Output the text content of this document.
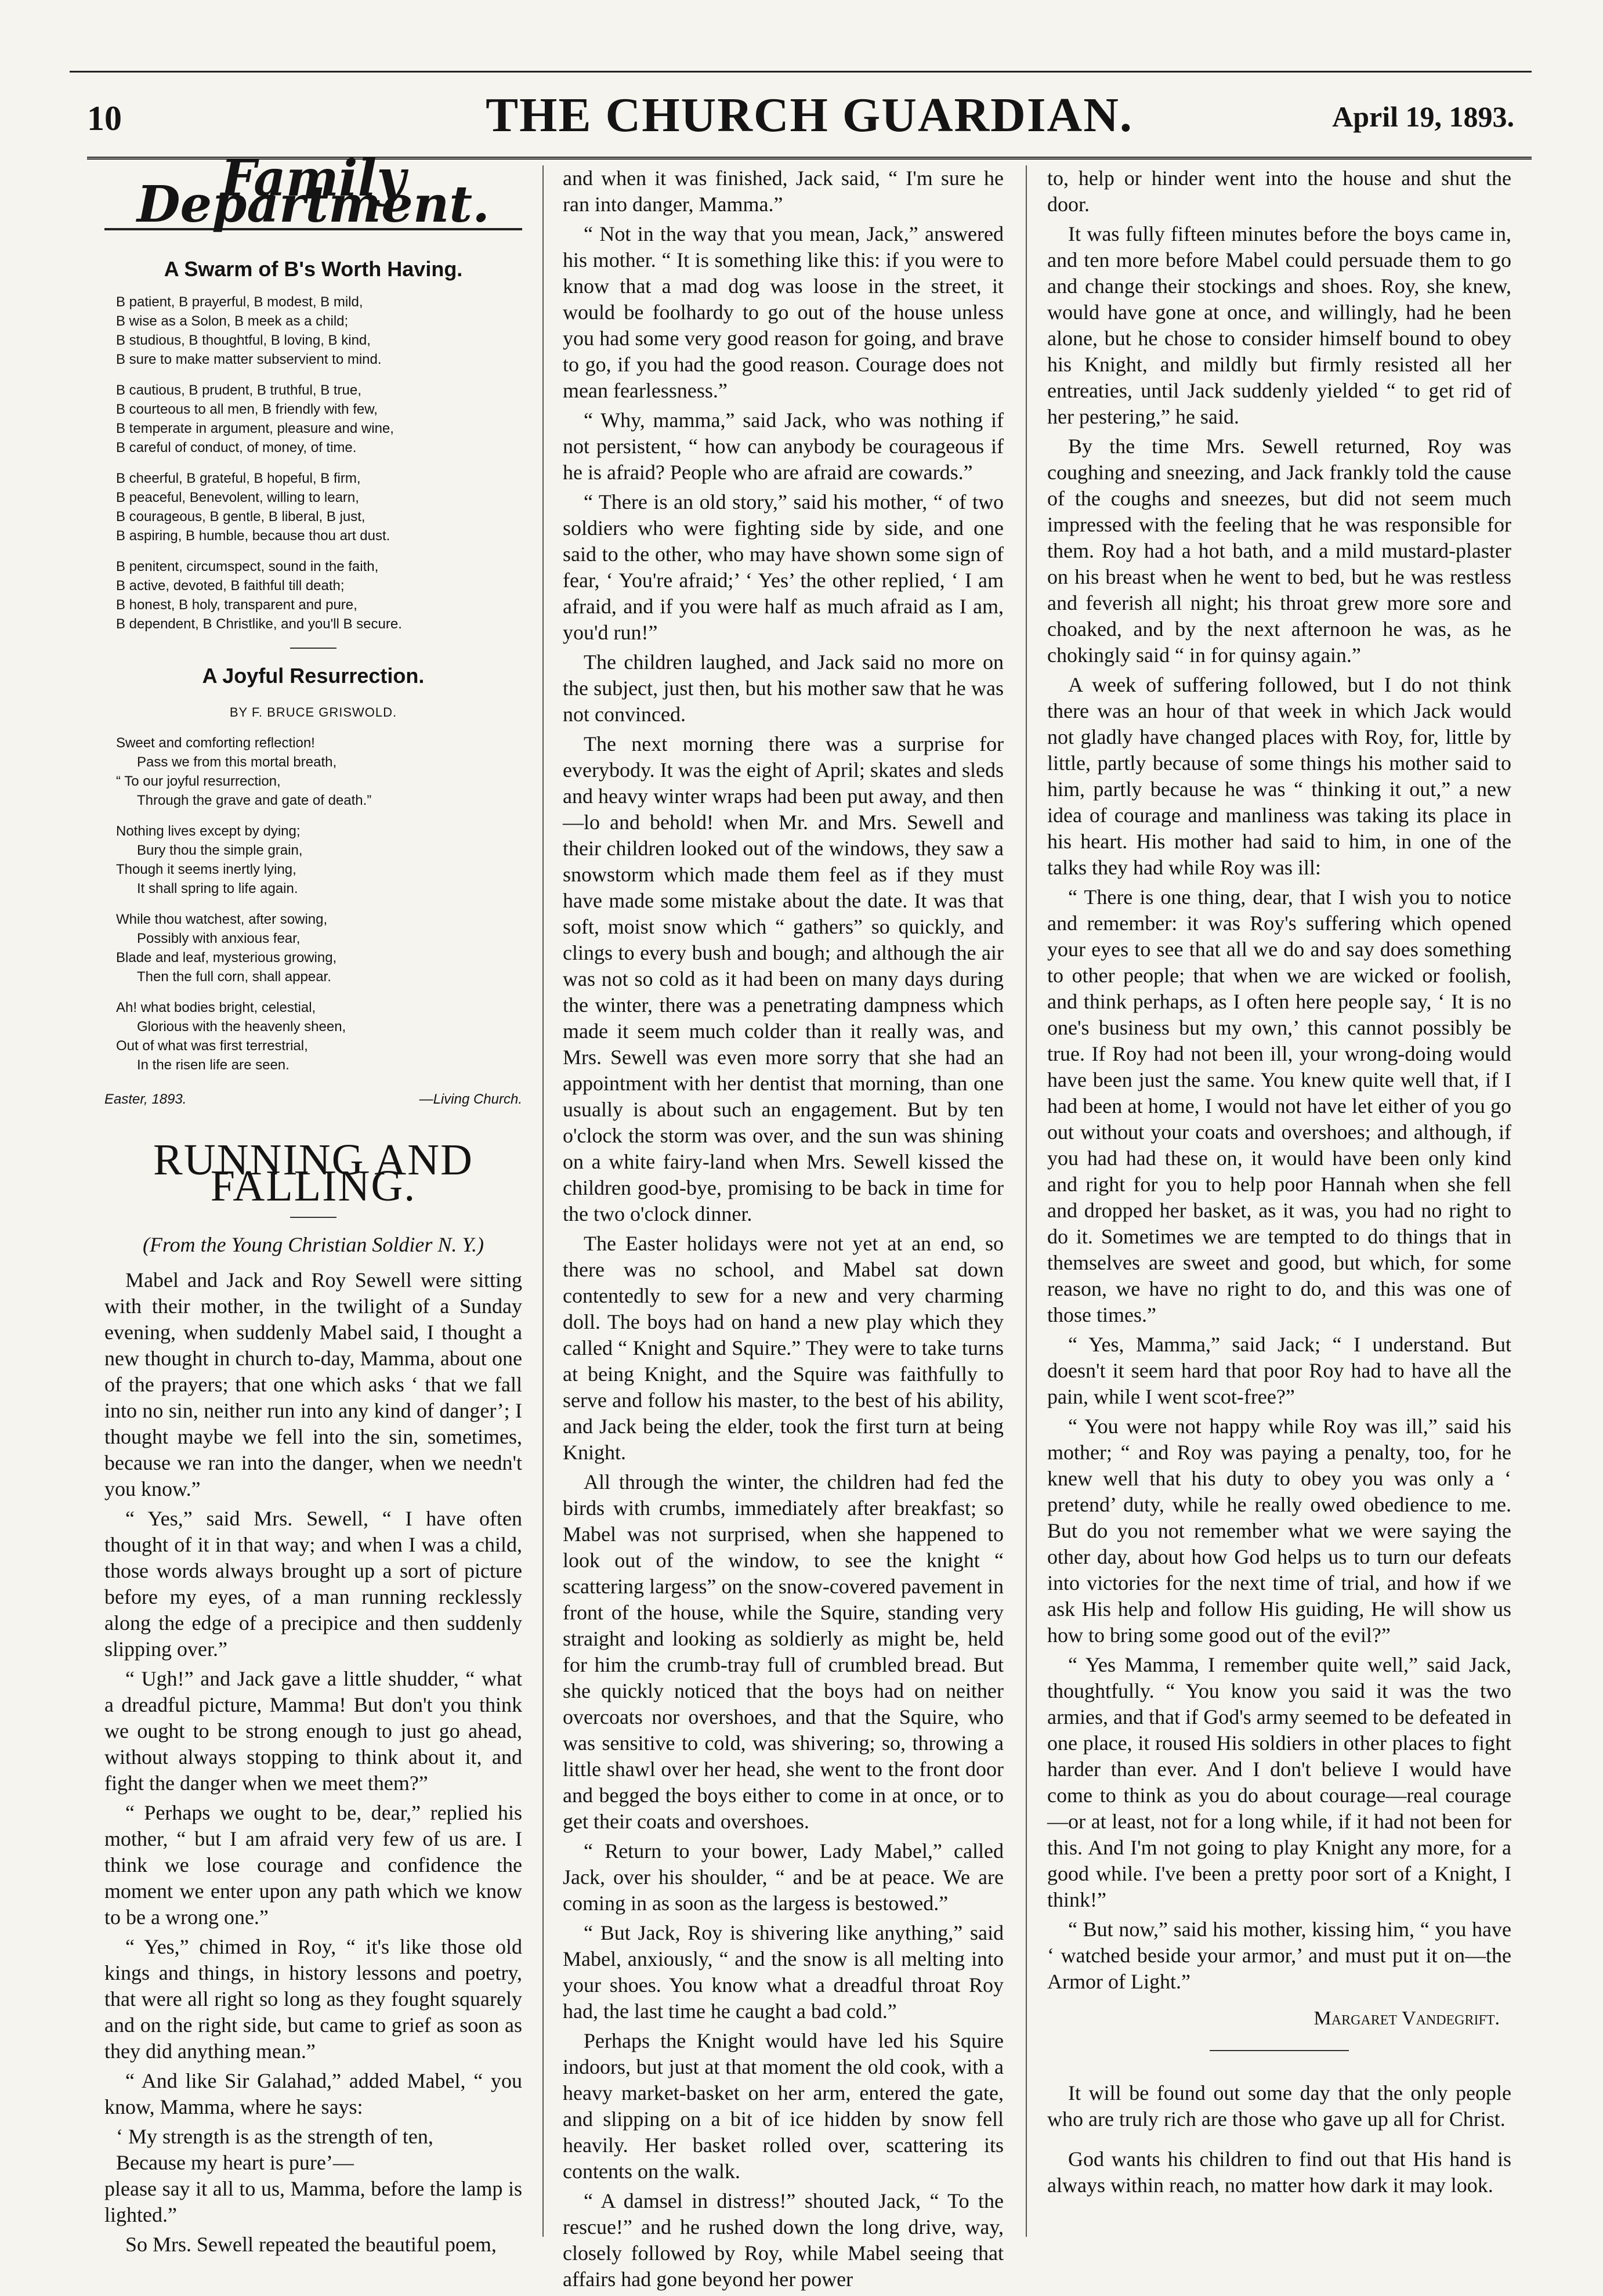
10	THE CHURCH GUARDIAN.	April 19, 1893.
Family Department.
A Swarm of B's Worth Having.
B patient, B prayerful, B modest, B mild,
B wise as a Solon, B meek as a child;
B studious, B thoughtful, B loving, B kind,
B sure to make matter subservient to mind.
B cautious, B prudent, B truthful, B true,
B courteous to all men, B friendly with few,
B temperate in argument, pleasure and wine,
B careful of conduct, of money, of time.
B cheerful, B grateful, B hopeful, B firm,
B peaceful, Benevolent, willing to learn,
B courageous, B gentle, B liberal, B just,
B aspiring, B humble, because thou art dust.
B penitent, circumspect, sound in the faith,
B active, devoted, B faithful till death;
B honest, B holy, transparent and pure,
B dependent, B Christlike, and you'll B secure.
A Joyful Resurrection.
BY F. BRUCE GRISWOLD.
Sweet and comforting reflection!
Pass we from this mortal breath,
“ To our joyful resurrection,
Through the grave and gate of death.”
Nothing lives except by dying;
Bury thou the simple grain,
Though it seems inertly lying,
It shall spring to life again.
While thou watchest, after sowing,
Possibly with anxious fear,
Blade and leaf, mysterious growing,
Then the full corn, shall appear.
Ah! what bodies bright, celestial,
Glorious with the heavenly sheen,
Out of what was first terrestrial,
In the risen life are seen.
Easter, 1893.	—Living Church.
RUNNING AND FALLING.
(From the Young Christian Soldier N. Y.)

Mabel and Jack and Roy Sewell were sitting with their mother, in the twilight of a Sunday evening, when suddenly Mabel said, I thought a new thought in church to-day, Mamma, about one of the prayers; that one which asks ‘ that we fall into no sin, neither run into any kind of danger’; I thought maybe we fell into the sin, sometimes, because we ran into the danger, when we needn't you know.”

“ Yes,” said Mrs. Sewell, “ I have often thought of it in that way; and when I was a child, those words always brought up a sort of picture before my eyes, of a man running recklessly along the edge of a precipice and then suddenly slipping over.”

“ Ugh!” and Jack gave a little shudder, “ what a dreadful picture, Mamma! But don't you think we ought to be strong enough to just go ahead, without always stopping to think about it, and fight the danger when we meet them?”

“ Perhaps we ought to be, dear,” replied his mother, “ but I am afraid very few of us are. I think we lose courage and confidence the moment we enter upon any path which we know to be a wrong one.”

“ Yes,” chimed in Roy, “ it's like those old kings and things, in history lessons and poetry, that were all right so long as they fought squarely and on the right side, but came to grief as soon as they did anything mean.”

“ And like Sir Galahad,” added Mabel, “ you know, Mamma, where he says:

‘ My strength is as the strength of ten,

Because my heart is pure’—

please say it all to us, Mamma, before the lamp is lighted.”

So Mrs. Sewell repeated the beautiful poem,

and when it was finished, Jack said, “ I'm sure he ran into danger, Mamma.”

“ Not in the way that you mean, Jack,” answered his mother. “ It is something like this: if you were to know that a mad dog was loose in the street, it would be foolhardy to go out of the house unless you had some very good reason for going, and brave to go, if you had the good reason. Courage does not mean fearlessness.”

“ Why, mamma,” said Jack, who was nothing if not persistent, “ how can anybody be courageous if he is afraid? People who are afraid are cowards.”

“ There is an old story,” said his mother, “ of two soldiers who were fighting side by side, and one said to the other, who may have shown some sign of fear, ‘ You're afraid;’ ‘ Yes’ the other replied, ‘ I am afraid, and if you were half as much afraid as I am, you'd run!”

The children laughed, and Jack said no more on the subject, just then, but his mother saw that he was not convinced.

The next morning there was a surprise for everybody. It was the eight of April; skates and sleds and heavy winter wraps had been put away, and then—lo and behold! when Mr. and Mrs. Sewell and their children looked out of the windows, they saw a snowstorm which made them feel as if they must have made some mistake about the date. It was that soft, moist snow which “ gathers” so quickly, and clings to every bush and bough; and although the air was not so cold as it had been on many days during the winter, there was a penetrating dampness which made it seem much colder than it really was, and Mrs. Sewell was even more sorry that she had an appointment with her dentist that morning, than one usually is about such an engagement. But by ten o'clock the storm was over, and the sun was shining on a white fairy-land when Mrs. Sewell kissed the children good-bye, promising to be back in time for the two o'clock dinner.

The Easter holidays were not yet at an end, so there was no school, and Mabel sat down contentedly to sew for a new and very charming doll. The boys had on hand a new play which they called “ Knight and Squire.” They were to take turns at being Knight, and the Squire was faithfully to serve and follow his master, to the best of his ability, and Jack being the elder, took the first turn at being Knight.

All through the winter, the children had fed the birds with crumbs, immediately after breakfast; so Mabel was not surprised, when she happened to look out of the window, to see the knight “ scattering largess” on the snow-covered pavement in front of the house, while the Squire, standing very straight and looking as soldierly as might be, held for him the crumb-tray full of crumbled bread. But she quickly noticed that the boys had on neither overcoats nor overshoes, and that the Squire, who was sensitive to cold, was shivering; so, throwing a little shawl over her head, she went to the front door and begged the boys either to come in at once, or to get their coats and overshoes.

“ Return to your bower, Lady Mabel,” called Jack, over his shoulder, “ and be at peace. We are coming in as soon as the largess is bestowed.”

“ But Jack, Roy is shivering like anything,” said Mabel, anxiously, “ and the snow is all melting into your shoes. You know what a dreadful throat Roy had, the last time he caught a bad cold.”

Perhaps the Knight would have led his Squire indoors, but just at that moment the old cook, with a heavy market-basket on her arm, entered the gate, and slipping on a bit of ice hidden by snow fell heavily. Her basket rolled over, scattering its contents on the walk.

“ A damsel in distress!” shouted Jack, “ To the rescue!” and he rushed down the long drive, way, closely followed by Roy, while Mabel seeing that affairs had gone beyond her power

to, help or hinder went into the house and shut the door.

It was fully fifteen minutes before the boys came in, and ten more before Mabel could persuade them to go and change their stockings and shoes. Roy, she knew, would have gone at once, and willingly, had he been alone, but he chose to consider himself bound to obey his Knight, and mildly but firmly resisted all her entreaties, until Jack suddenly yielded “ to get rid of her pestering,” he said.

By the time Mrs. Sewell returned, Roy was coughing and sneezing, and Jack frankly told the cause of the coughs and sneezes, but did not seem much impressed with the feeling that he was responsible for them. Roy had a hot bath, and a mild mustard-plaster on his breast when he went to bed, but he was restless and feverish all night; his throat grew more sore and choaked, and by the next afternoon he was, as he chokingly said “ in for quinsy again.”

A week of suffering followed, but I do not think there was an hour of that week in which Jack would not gladly have changed places with Roy, for, little by little, partly because of some things his mother said to him, partly because he was “ thinking it out,” a new idea of courage and manliness was taking its place in his heart. His mother had said to him, in one of the talks they had while Roy was ill:

“ There is one thing, dear, that I wish you to notice and remember: it was Roy's suffering which opened your eyes to see that all we do and say does something to other people; that when we are wicked or foolish, and think perhaps, as I often here people say, ‘ It is no one's business but my own,’ this cannot possibly be true. If Roy had not been ill, your wrong-doing would have been just the same. You knew quite well that, if I had been at home, I would not have let either of you go out without your coats and overshoes; and although, if you had had these on, it would have been only kind and right for you to help poor Hannah when she fell and dropped her basket, as it was, you had no right to do it. Sometimes we are tempted to do things that in themselves are sweet and good, but which, for some reason, we have no right to do, and this was one of those times.”

“ Yes, Mamma,” said Jack; “ I understand. But doesn't it seem hard that poor Roy had to have all the pain, while I went scot-free?”

“ You were not happy while Roy was ill,” said his mother; “ and Roy was paying a penalty, too, for he knew well that his duty to obey you was only a ‘ pretend’ duty, while he really owed obedience to me. But do you not remember what we were saying the other day, about how God helps us to turn our defeats into victories for the next time of trial, and how if we ask His help and follow His guiding, He will show us how to bring some good out of the evil?”

“ Yes Mamma, I remember quite well,” said Jack, thoughtfully. “ You know you said it was the two armies, and that if God's army seemed to be defeated in one place, it roused His soldiers in other places to fight harder than ever. And I don't believe I would have come to think as you do about courage—real courage —or at least, not for a long while, if it had not been for this. And I'm not going to play Knight any more, for a good while. I've been a pretty poor sort of a Knight, I think!”

“ But now,” said his mother, kissing him, “ you have ‘ watched beside your armor,’ and must put it on—the Armor of Light.”

Margaret Vandegrift.

It will be found out some day that the only people who are truly rich are those who gave up all for Christ.

God wants his children to find out that His hand is always within reach, no matter how dark it may look.
